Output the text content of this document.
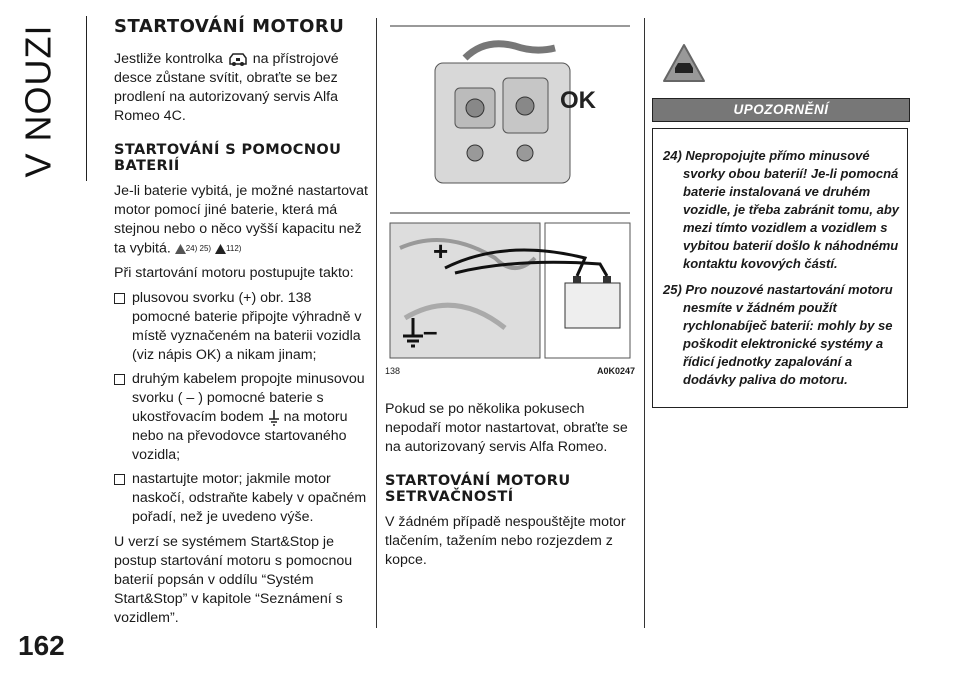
V NOUZI
162
STARTOVÁNÍ MOTORU

Jestliže kontrolka na přístrojové desce zůstane svítit, obraťte se bez prodlení na autorizovaný servis Alfa Romeo 4C.

STARTOVÁNÍ S POMOCNOU BATERIÍ

Je-li baterie vybitá, je možné nastartovat motor pomocí jiné baterie, která má stejnou nebo o něco vyšší kapacitu než ta vybitá. 24) 25) 112)

Při startování motoru postupujte takto:

plusovou svorku (+) obr. 138 pomocné baterie připojte výhradně v místě vyznačeném na baterii vozidla (viz nápis OK) a nikam jinam;
druhým kabelem propojte minusovou svorku ( – ) pomocné baterie s ukostřovacím bodem na motoru nebo na převodovce startovaného vozidla;
nastartujte motor; jakmile motor naskočí, odstraňte kabely v opačném pořadí, než je uvedeno výše.

U verzí se systémem Start&Stop je postup startování motoru s pomocnou baterií popsán v oddílu “Systém Start&Stop” v kapitole “Seznámení s vozidlem”.

OK
+
–
138	A0K0247

Pokud se po několika pokusech nepodaří motor nastartovat, obraťte se na autorizovaný servis Alfa Romeo.

STARTOVÁNÍ MOTORU SETRVAČNOSTÍ

V žádném případě nespouštějte motor tlačením, tažením nebo rozjezdem z kopce.

UPOZORNĚNÍ
24) Nepropojujte přímo minusové
svorky obou baterií! Je-li pomocná baterie instalovaná ve druhém vozidle, je třeba zabránit tomu, aby mezi tímto vozidlem a vozidlem s vybitou baterií došlo k náhodnému kontaktu kovových částí.
25) Pro nouzové nastartování motoru
nesmíte v žádném použít rychlonabíječ baterií: mohly by se poškodit elektronické systémy a řídicí jednotky zapalování a dodávky paliva do motoru.
